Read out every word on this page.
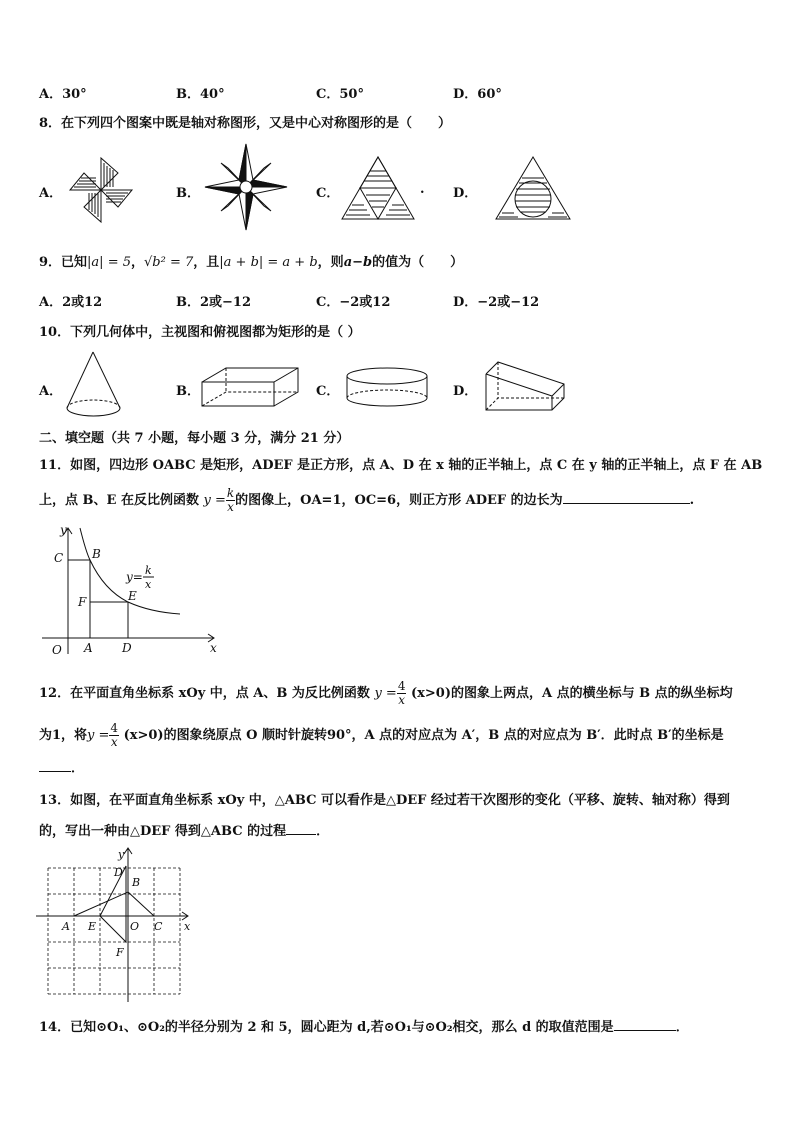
A．30°	B．40°	C．50°	D．60°
8．在下列四个图案中既是轴对称图形，又是中心对称图形的是（　　）
A．	B．	C．	. D．
9．已知|a| = 5，√b² = 7，且|a + b| = a + b，则a−b的值为（　　）
A．2或12	B．2或−12	C．−2或12	D．−2或−12
10．下列几何体中，主视图和俯视图都为矩形的是（ ）
A．	B．	C．	D．
二、填空题（共 7 小题，每小题 3 分，满分 21 分）
11．如图，四边形 OABC 是矩形，ADEF 是正方形，点 A、D 在 x 轴的正半轴上，点 C 在 y 轴的正半轴上，点 F 在 AB
上，点 B、E 在反比例函数 $y = \frac{k}{x}$ 的图像上，OA=1，OC=6，则正方形 ADEF 的边长为	.
y
x
O A D
C B
F	E
y= k
x
12．在平面直角坐标系 xOy 中，点 A、B 为反比例函数 $y = \frac{4}{x} (x>0)$的图象上两点，A 点的横坐标与 B 点的纵坐标均
为1，将$y = \frac{4}{x} (x>0)$的图象绕原点 O 顺时针旋转90°，A 点的对应点为 A′，B 点的对应点为 B′．此时点 B′的坐标是
．
13．如图，在平面直角坐标系 xOy 中，△ABC 可以看作是△DEF 经过若干次图形的变化（平移、旋转、轴对称）得到
的，写出一种由△DEF 得到△ABC 的过程 ．
y
x
O
A E	C
D
B
F
14．已知⊙O₁、⊙O₂的半径分别为 2 和 5，圆心距为 d,若⊙O₁与⊙O₂相交，那么 d 的取值范围是	．
